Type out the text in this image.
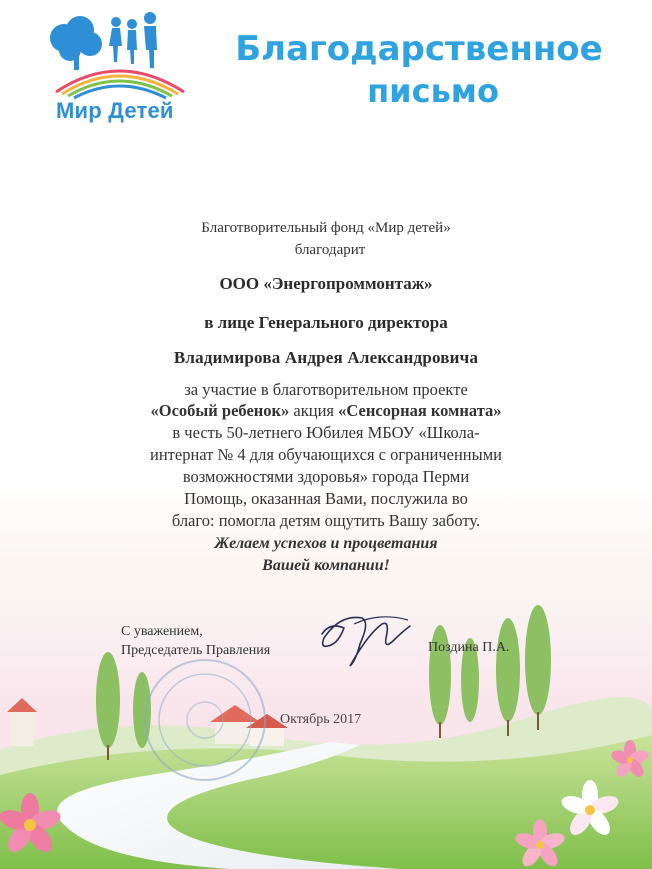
Мир Детей
Благодарственное
письмо
Благотворительный фонд «Мир детей»
благодарит
ООО «Энергопроммонтаж»
в лице Генерального директора
Владимирова Андрея Александровича
за участие в благотворительном проекте
«Особый ребенок» акция «Сенсорная комната»
в честь 50-летнего Юбилея МБОУ «Школа-
интернат № 4 для обучающихся с ограниченными
возможностями здоровья» города Перми
Помощь, оказанная Вами, послужила во
благо: помогла детям ощутить Вашу заботу.
Желаем успехов и процветания
Вашей компании!
С уважением,
Председатель Правления	Поздина П.А.
Октябрь 2017
